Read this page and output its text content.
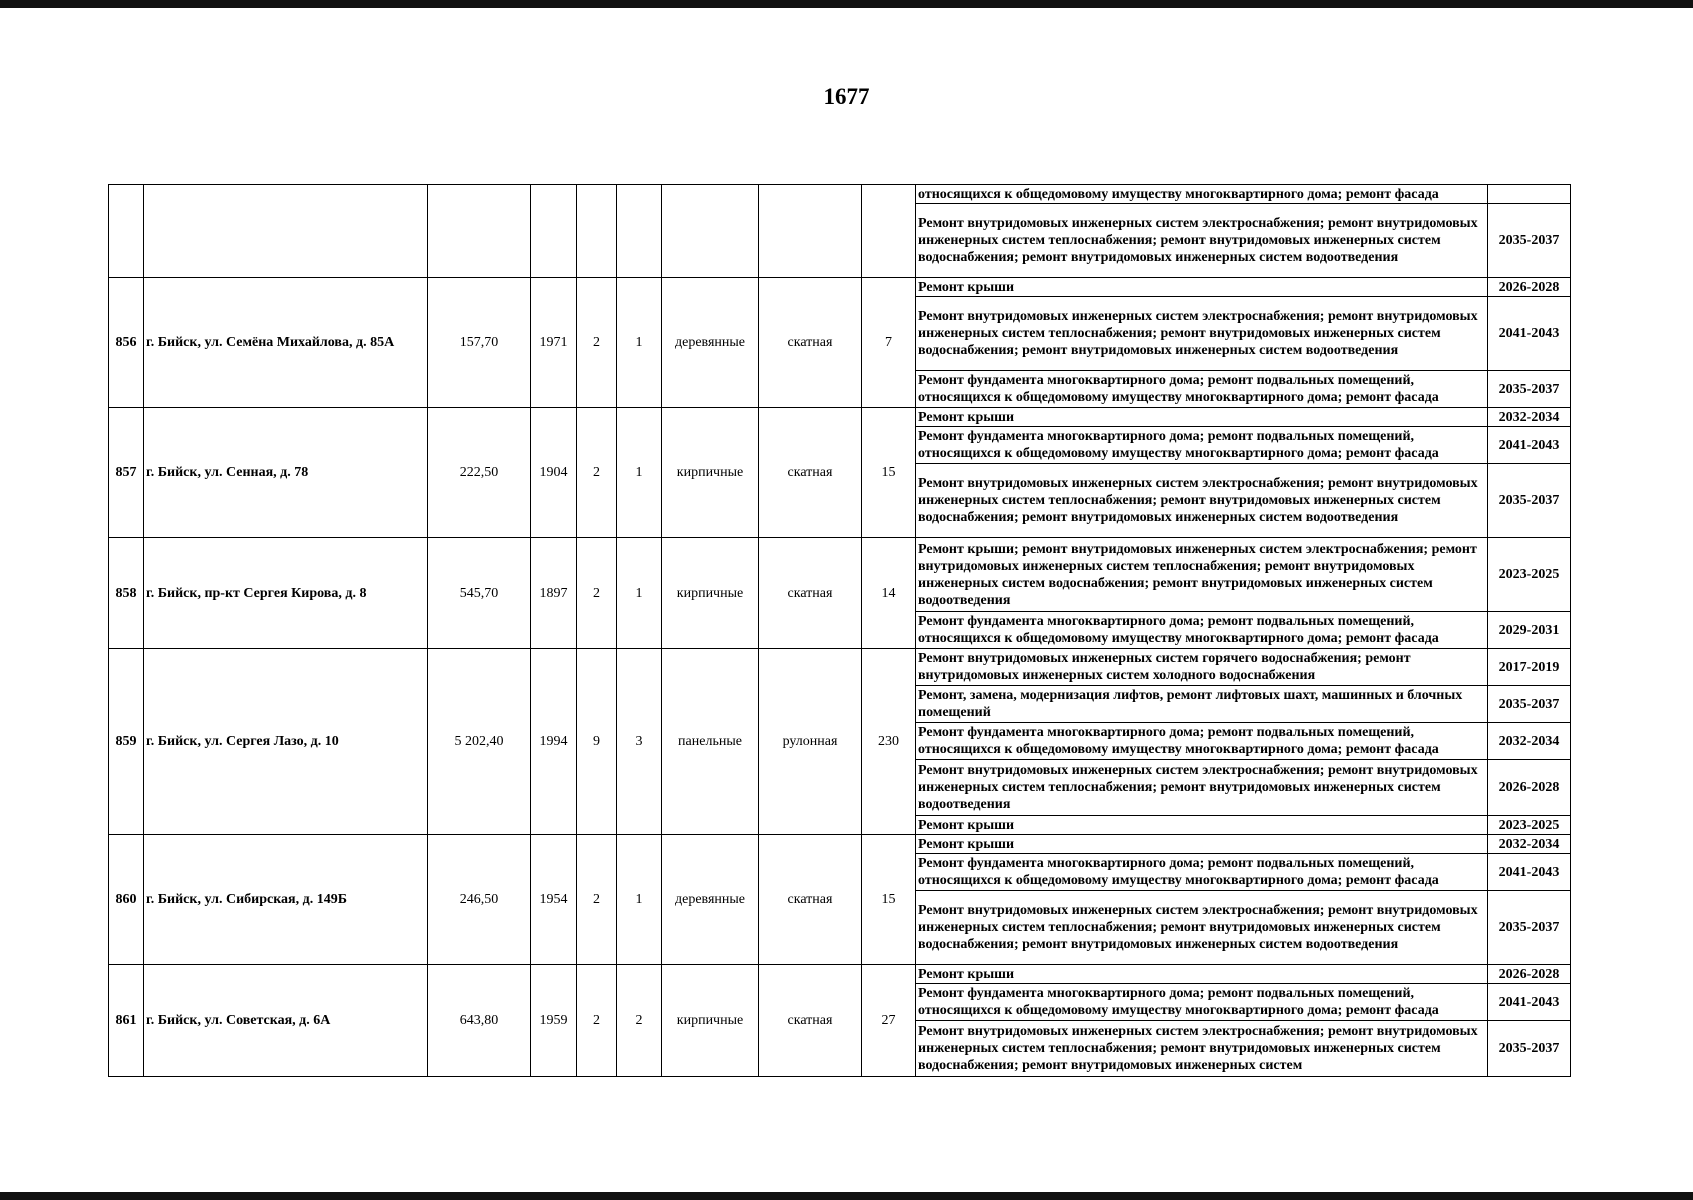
1677
									относящихся к общедомовому имуществу многоквартирного дома; ремонт фасада	
									Ремонт внутридомовых инженерных систем электроснабжения; ремонт внутридомовых инженерных систем теплоснабжения; ремонт внутридомовых инженерных систем водоснабжения; ремонт внутридомовых инженерных систем водоотведения	2035-2037
856	г. Бийск, ул. Семёна Михайлова, д. 85А	157,70	1971	2	1	деревянные	скатная	7	Ремонт крыши	2026-2028
									Ремонт внутридомовых инженерных систем электроснабжения; ремонт внутридомовых инженерных систем теплоснабжения; ремонт внутридомовых инженерных систем водоснабжения; ремонт внутридомовых инженерных систем водоотведения	2041-2043
									Ремонт фундамента многоквартирного дома; ремонт подвальных помещений, относящихся к общедомовому имуществу многоквартирного дома; ремонт фасада	2035-2037
857	г. Бийск, ул. Сенная, д. 78	222,50	1904	2	1	кирпичные	скатная	15	Ремонт крыши	2032-2034
									Ремонт фундамента многоквартирного дома; ремонт подвальных помещений, относящихся к общедомовому имуществу многоквартирного дома; ремонт фасада	2041-2043
									Ремонт внутридомовых инженерных систем электроснабжения; ремонт внутридомовых инженерных систем теплоснабжения; ремонт внутридомовых инженерных систем водоснабжения; ремонт внутридомовых инженерных систем водоотведения	2035-2037
858	г. Бийск, пр-кт Сергея Кирова, д. 8	545,70	1897	2	1	кирпичные	скатная	14	Ремонт крыши; ремонт внутридомовых инженерных систем электроснабжения; ремонт внутридомовых инженерных систем теплоснабжения; ремонт внутридомовых инженерных систем водоснабжения; ремонт внутридомовых инженерных систем водоотведения	2023-2025
									Ремонт фундамента многоквартирного дома; ремонт подвальных помещений, относящихся к общедомовому имуществу многоквартирного дома; ремонт фасада	2029-2031
859	г. Бийск, ул. Сергея Лазо, д. 10	5 202,40	1994	9	3	панельные	рулонная	230	Ремонт внутридомовых инженерных систем горячего водоснабжения; ремонт внутридомовых инженерных систем холодного водоснабжения	2017-2019
									Ремонт, замена, модернизация лифтов, ремонт лифтовых шахт, машинных и блочных помещений	2035-2037
									Ремонт фундамента многоквартирного дома; ремонт подвальных помещений, относящихся к общедомовому имуществу многоквартирного дома; ремонт фасада	2032-2034
									Ремонт внутридомовых инженерных систем электроснабжения; ремонт внутридомовых инженерных систем теплоснабжения; ремонт внутридомовых инженерных систем водоотведения	2026-2028
									Ремонт крыши	2023-2025
860	г. Бийск, ул. Сибирская, д. 149Б	246,50	1954	2	1	деревянные	скатная	15	Ремонт крыши	2032-2034
									Ремонт фундамента многоквартирного дома; ремонт подвальных помещений, относящихся к общедомовому имуществу многоквартирного дома; ремонт фасада	2041-2043
									Ремонт внутридомовых инженерных систем электроснабжения; ремонт внутридомовых инженерных систем теплоснабжения; ремонт внутридомовых инженерных систем водоснабжения; ремонт внутридомовых инженерных систем водоотведения	2035-2037
861	г. Бийск, ул. Советская, д. 6А	643,80	1959	2	2	кирпичные	скатная	27	Ремонт крыши	2026-2028
									Ремонт фундамента многоквартирного дома; ремонт подвальных помещений, относящихся к общедомовому имуществу многоквартирного дома; ремонт фасада	2041-2043
									Ремонт внутридомовых инженерных систем электроснабжения; ремонт внутридомовых инженерных систем теплоснабжения; ремонт внутридомовых инженерных систем водоснабжения; ремонт внутридомовых инженерных систем	2035-2037
